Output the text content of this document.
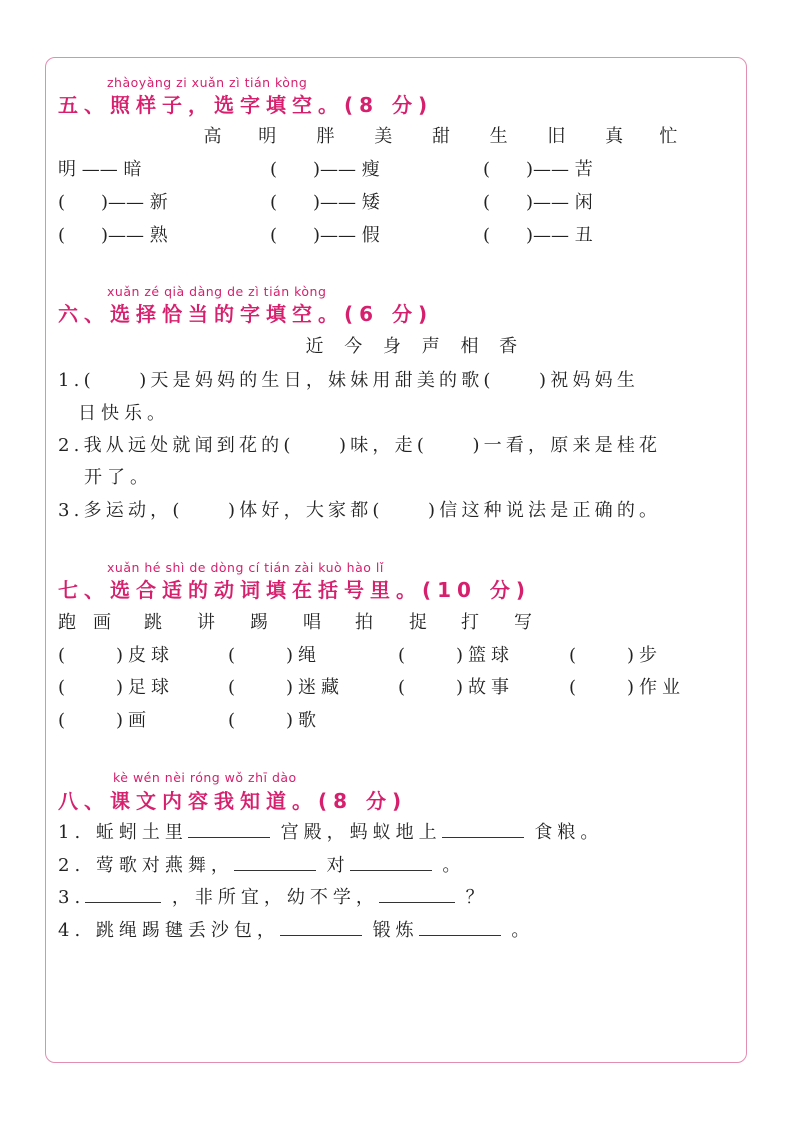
zhàoyàng zi xuǎn zì tián kòng
五、照样子，选字填空。(8 分)
高 明 胖 美 甜 生 旧 真 忙
明 —— 暗	(　　)—— 瘦	(　　)—— 苦
(　　)—— 新	(　　)—— 矮	(　　)—— 闲
(　　)—— 熟	(　　)—— 假	(　　)—— 丑
xuǎn zé qià dàng de zì tián kòng
六、选择恰当的字填空。(6 分)
近 今 身 声 相 香
1.(　　)天是妈妈的生日，妹妹用甜美的歌(　　)祝妈妈生
日快乐。
2.我从远处就闻到花的(　　)味，走(　　)一看，原来是桂花
开了。
3.多运动，(　　)体好，大家都(　　)信这种说法是正确的。
xuǎn hé shì de dòng cí tián zài kuò hào lǐ
七、选合适的动词填在括号里。(10 分)
跑 画 跳 讲 踢 唱 拍 捉 打 写
(　　)皮球	(　　)绳	(　　)篮球	(　　)步
(　　)足球	(　　)迷藏	(　　)故事	(　　)作业
(　　)画	(　　)歌
kè wén nèi róng wǒ zhī dào
八、课文内容我知道。(8 分)
1. 蚯蚓土里	宫殿，蚂蚁地上	食粮。
2. 莺歌对燕舞，	对	。
3.	，非所宜，幼不学，	？
4. 跳绳踢毽丢沙包，	锻炼	。
